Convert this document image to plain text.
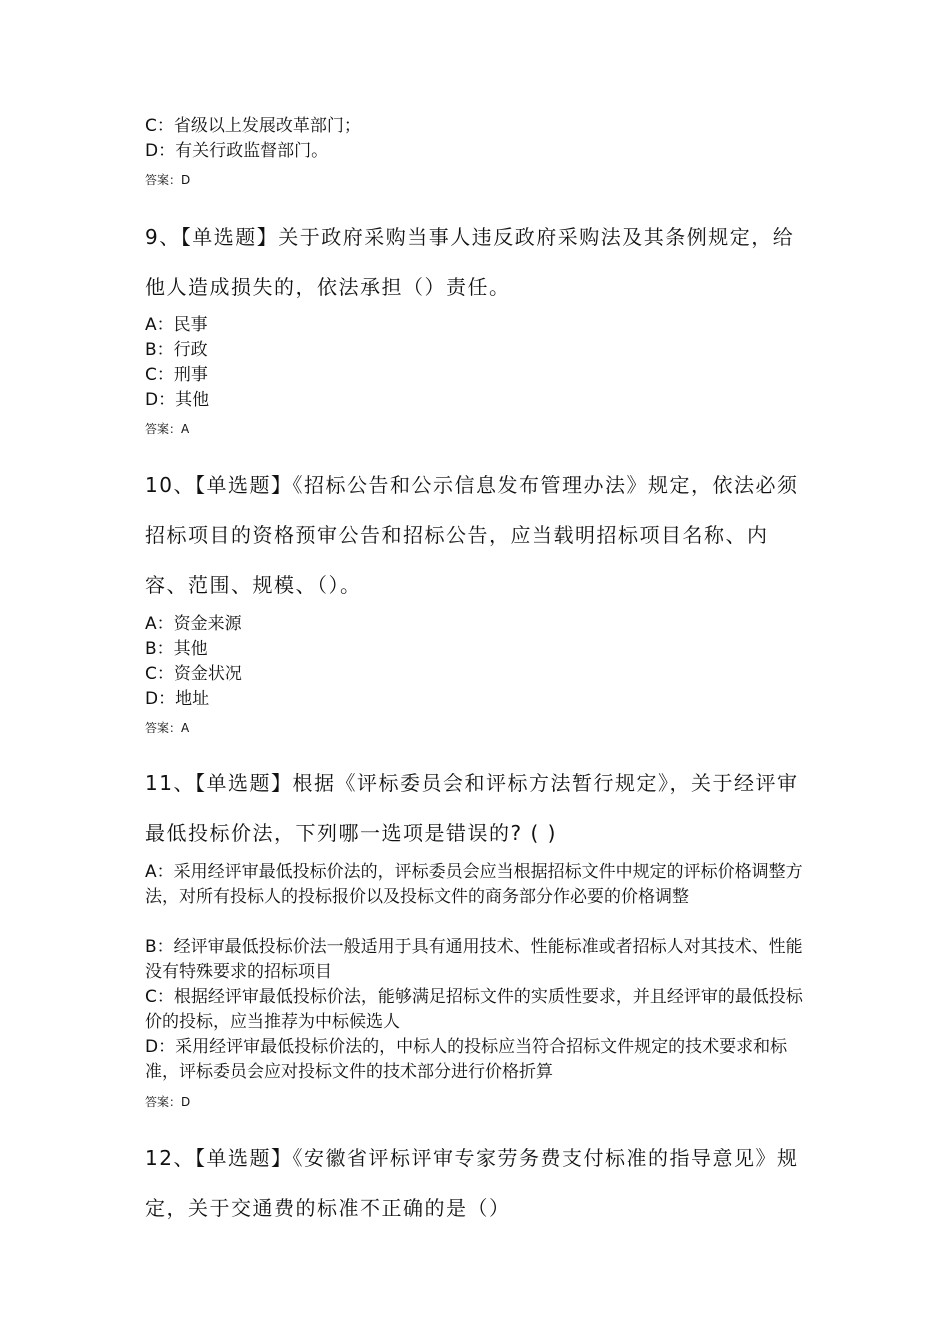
C：省级以上发展改革部门；
D：有关行政监督部门。
答案：D
9、【单选题】关于政府采购当事人违反政府采购法及其条例规定，给他人造成损失的，依法承担（）责任。
A：民事
B：行政
C：刑事
D：其他
答案：A
10、【单选题】《招标公告和公示信息发布管理办法》规定，依法必须招标项目的资格预审公告和招标公告，应当载明招标项目名称、内容、范围、规模、（）。
A：资金来源
B：其他
C：资金状况
D：地址
答案：A
11、【单选题】根据《评标委员会和评标方法暂行规定》，关于经评审最低投标价法，下列哪一选项是错误的? ( )
A：采用经评审最低投标价法的，评标委员会应当根据招标文件中规定的评标价格调整方法，对所有投标人的投标报价以及投标文件的商务部分作必要的价格调整
B：经评审最低投标价法一般适用于具有通用技术、性能标准或者招标人对其技术、性能没有特殊要求的招标项目
C：根据经评审最低投标价法，能够满足招标文件的实质性要求，并且经评审的最低投标价的投标，应当推荐为中标候选人
D：采用经评审最低投标价法的，中标人的投标应当符合招标文件规定的技术要求和标准，评标委员会应对投标文件的技术部分进行价格折算
答案：D
12、【单选题】《安徽省评标评审专家劳务费支付标准的指导意见》规定，关于交通费的标准不正确的是（）
